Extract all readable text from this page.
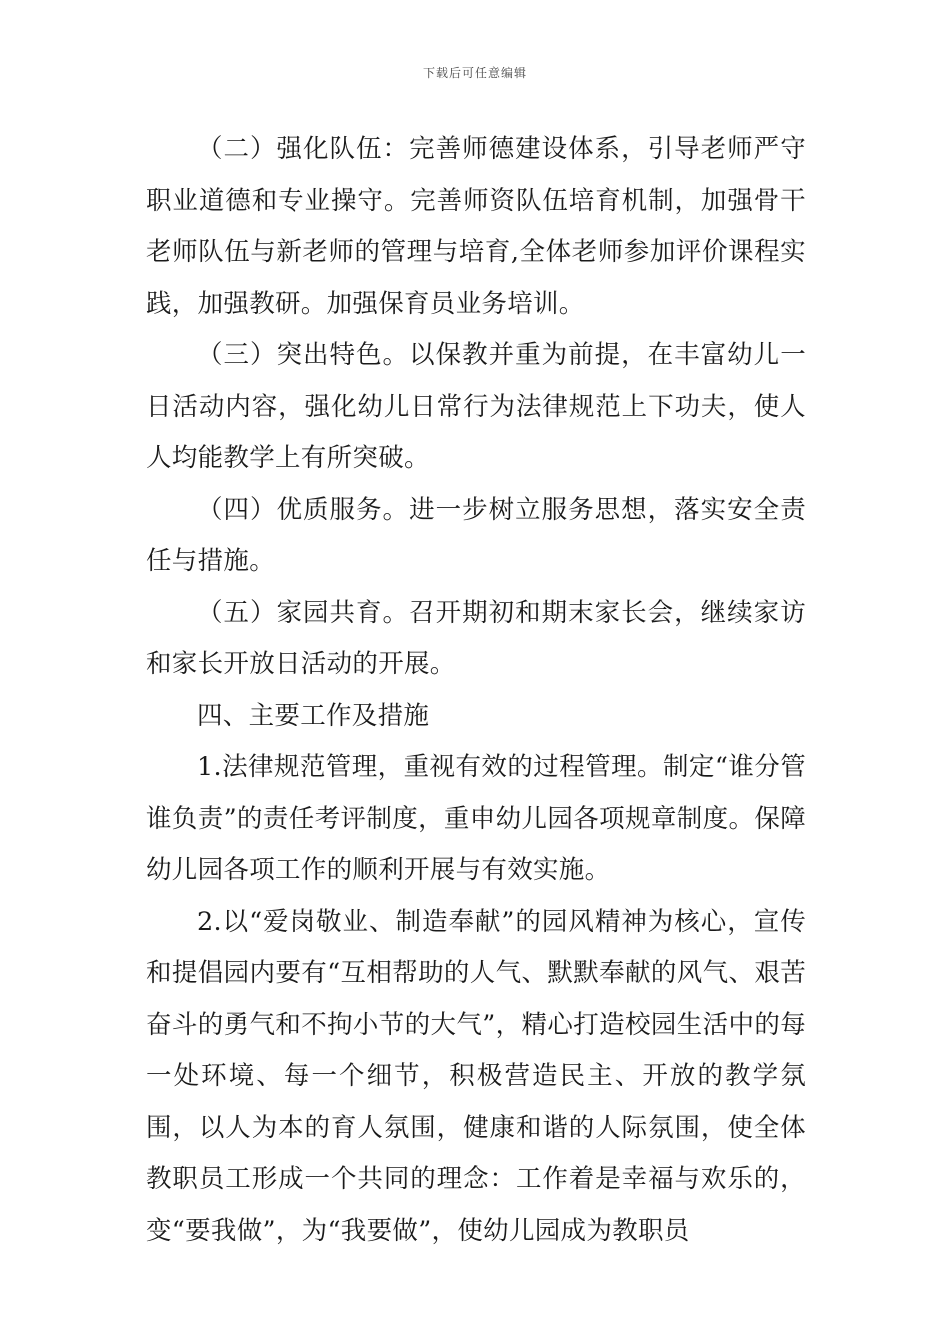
下载后可任意编辑

（二）强化队伍：完善师德建设体系，引导老师严守职业道德和专业操守。完善师资队伍培育机制，加强骨干老师队伍与新老师的管理与培育,全体老师参加评价课程实践，加强教研。加强保育员业务培训。

（三）突出特色。以保教并重为前提，在丰富幼儿一日活动内容，强化幼儿日常行为法律规范上下功夫，使人人均能教学上有所突破。

（四）优质服务。进一步树立服务思想，落实安全责任与措施。

（五）家园共育。召开期初和期末家长会，继续家访和家长开放日活动的开展。

四、主要工作及措施

1.法律规范管理，重视有效的过程管理。制定“谁分管谁负责”的责任考评制度，重申幼儿园各项规章制度。保障幼儿园各项工作的顺利开展与有效实施。

2.以“爱岗敬业、制造奉献”的园风精神为核心，宣传和提倡园内要有“互相帮助的人气、默默奉献的风气、艰苦奋斗的勇气和不拘小节的大气”，精心打造校园生活中的每一处环境、每一个细节，积极营造民主、开放的教学氛围，以人为本的育人氛围，健康和谐的人际氛围，使全体教职员工形成一个共同的理念：工作着是幸福与欢乐的，变“要我做”，为“我要做”，使幼儿园成为教职员
